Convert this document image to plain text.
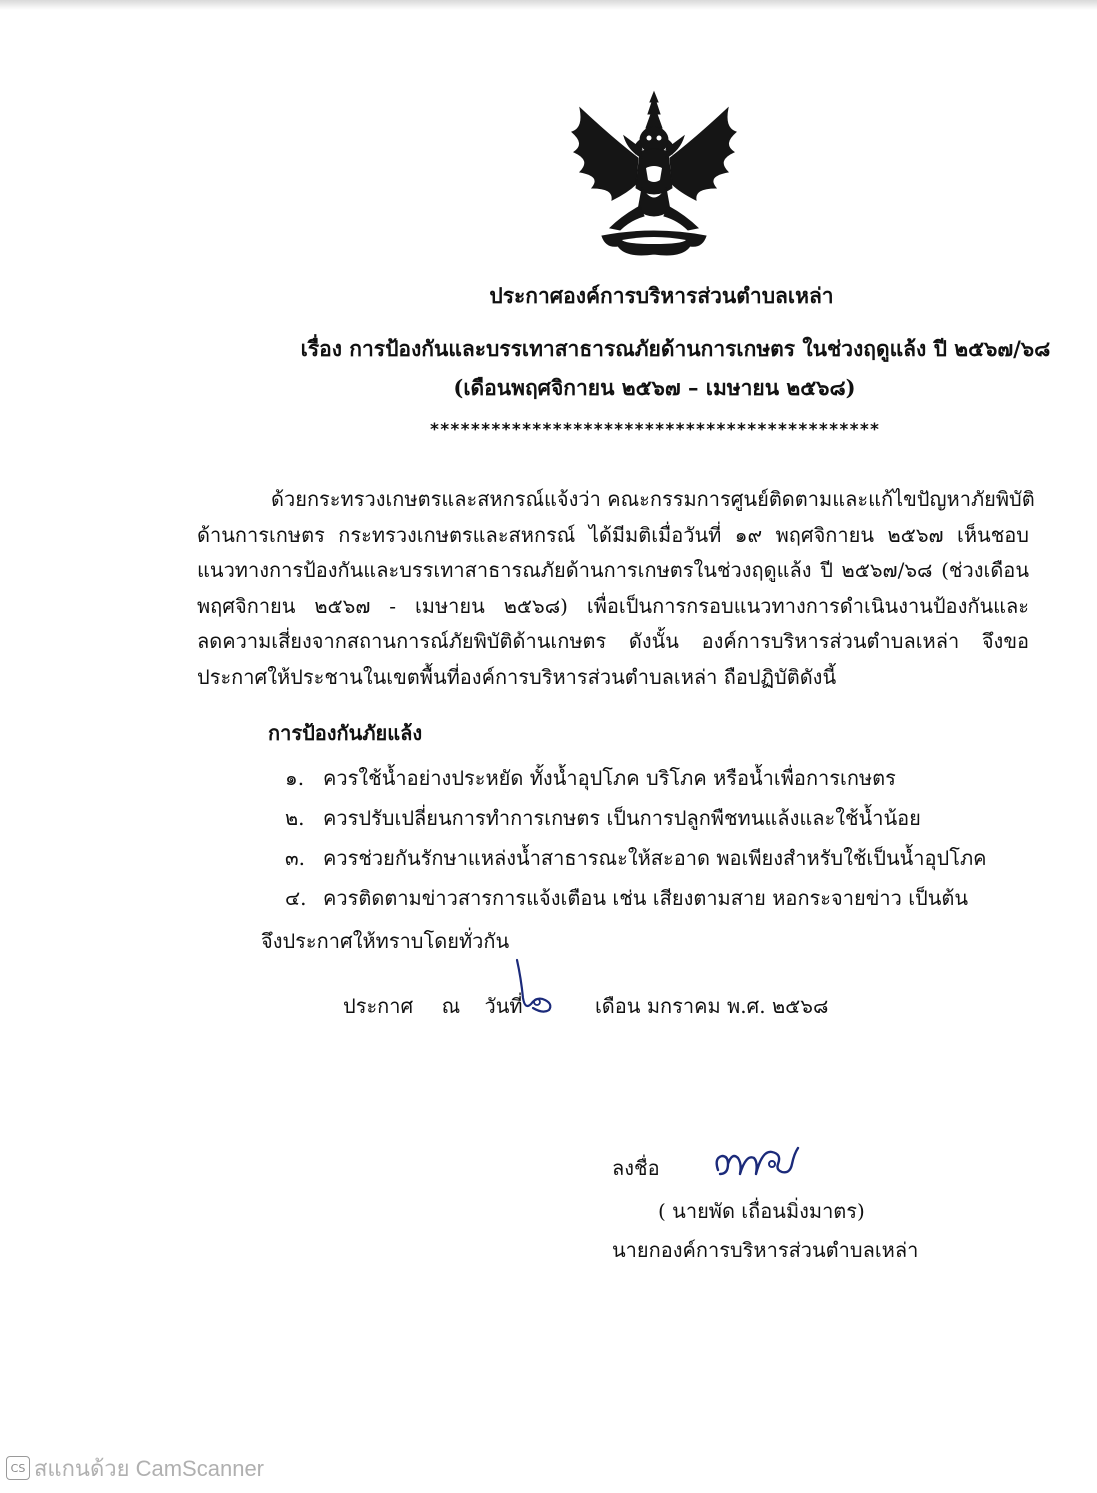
ประกาศองค์การบริหารส่วนตำบลเหล่า
เรื่อง การป้องกันและบรรเทาสาธารณภัยด้านการเกษตร ในช่วงฤดูแล้ง ปี ๒๕๖๗/๖๘
(เดือนพฤศจิกายน ๒๕๖๗ – เมษายน ๒๕๖๘)
********************************************
ด้วยกระทรวงเกษตรและสหกรณ์แจ้งว่า คณะกรรมการศูนย์ติดตามและแก้ไขปัญหาภัยพิบัติ
ด้านการเกษตร กระทรวงเกษตรและสหกรณ์ ได้มีมติเมื่อวันที่ ๑๙ พฤศจิกายน ๒๕๖๗ เห็นชอบ
แนวทางการป้องกันและบรรเทาสาธารณภัยด้านการเกษตรในช่วงฤดูแล้ง ปี ๒๕๖๗/๖๘ (ช่วงเดือน
พฤศจิกายน ๒๕๖๗ - เมษายน ๒๕๖๘) เพื่อเป็นการกรอบแนวทางการดำเนินงานป้องกันและ
ลดความเสี่ยงจากสถานการณ์ภัยพิบัติด้านเกษตร ดังนั้น องค์การบริหารส่วนตำบลเหล่า จึงขอ
ประกาศให้ประชานในเขตพื้นที่องค์การบริหารส่วนตำบลเหล่า ถือปฏิบัติดังนี้
การป้องกันภัยแล้ง
๑. ควรใช้น้ำอย่างประหยัด ทั้งน้ำอุปโภค บริโภค หรือน้ำเพื่อการเกษตร
๒. ควรปรับเปลี่ยนการทำการเกษตร เป็นการปลูกพืชทนแล้งและใช้น้ำน้อย
๓. ควรช่วยกันรักษาแหล่งน้ำสาธารณะให้สะอาด พอเพียงสำหรับใช้เป็นน้ำอุปโภค
๔. ควรติดตามข่าวสารการแจ้งเตือน เช่น เสียงตามสาย หอกระจายข่าว เป็นต้น
จึงประกาศให้ทราบโดยทั่วกัน
ประกาศ ณ วันที่	เดือน มกราคม พ.ศ. ๒๕๖๘
ลงชื่อ
( นายพัด เถื่อนมิ่งมาตร)
นายกองค์การบริหารส่วนตำบลเหล่า
CS สแกนด้วย CamScanner
